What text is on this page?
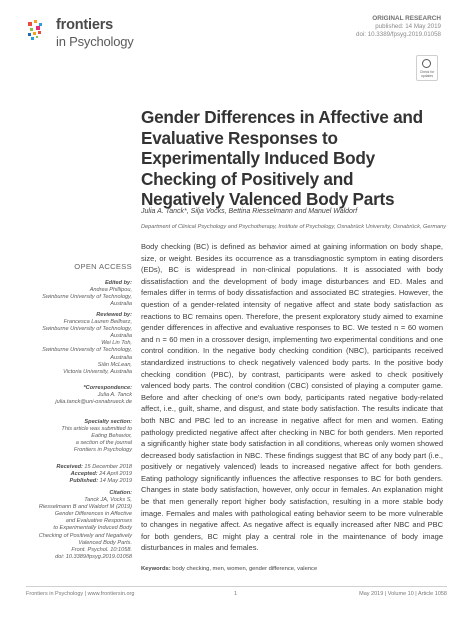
frontiers
in Psychology
ORIGINAL RESEARCH
published: 14 May 2019
doi: 10.3389/fpsyg.2019.01058
Check for
updates
Gender Differences in Affective and
Evaluative Responses to
Experimentally Induced Body
Checking of Positively and
Negatively Valenced Body Parts
Julia A. Tanck*, Silja Vocks, Bettina Riesselmann and Manuel Waldorf
Department of Clinical Psychology and Psychotherapy, Institute of Psychology, Osnabrück University, Osnabrück, Germany
OPEN ACCESS
Edited by:
Andrea Phillipou,
Swinburne University of Technology,
Australia
Reviewed by:
Francesca Lauren Beilharz,
Swinburne University of Technology,
Australia
Wei Lin Toh,
Swinburne University of Technology,
Australia
Siân McLean,
Victoria University, Australia
*Correspondence:
Julia A. Tanck
julia.tanck@uni-osnabrueck.de
Specialty section:
This article was submitted to
Eating Behavior,
a section of the journal
Frontiers in Psychology
Received: 15 December 2018
Accepted: 24 April 2019
Published: 14 May 2019
Citation:
Tanck JA, Vocks S,
Riesselmann B and Waldorf M (2019)
Gender Differences in Affective
and Evaluative Responses
to Experimentally Induced Body
Checking of Positively and Negatively
Valenced Body Parts.
Front. Psychol. 10:1058.
doi: 10.3389/fpsyg.2019.01058

Body checking (BC) is defined as behavior aimed at gaining information on body shape, size, or weight. Besides its occurrence as a transdiagnostic symptom in eating disorders (EDs), BC is widespread in non-clinical populations. It is associated with body dissatisfaction and the development of body image disturbances and ED. Males and females differ in terms of body dissatisfaction and associated BC strategies. However, the question of a gender-related intensity of negative affect and state body satisfaction as reactions to BC remains open. Therefore, the present exploratory study aimed to examine gender differences in affective and evaluative responses to BC. We tested n = 60 women and n = 60 men in a crossover design, implementing two experimental conditions and one control condition. In the negative body checking condition (NBC), participants received standardized instructions to check negatively valenced body parts. In the positive body checking condition (PBC), by contrast, participants were asked to check positively valenced body parts. The control condition (CBC) consisted of playing a computer game. Before and after checking of one's own body, participants rated negative body-related affect, i.e., guilt, shame, and disgust, and state body satisfaction. The results indicate that both NBC and PBC led to an increase in negative affect for men and women. Eating pathology predicted negative affect after checking in NBC for both genders. Men reported a significantly higher state body satisfaction in all conditions, whereas only women showed decreased body satisfaction in NBC. These findings suggest that BC of any body part (i.e., positively or negatively valenced) leads to increased negative affect for both genders. Eating pathology significantly influences the affective responses to BC for both genders. Changes in state body satisfaction, however, only occur in females. An explanation might be that men generally report higher body satisfaction, resulting in a more stable body image. Females and males with pathological eating behavior seem to be more vulnerable to changes in negative affect. As negative affect is equally increased after NBC and PBC for both genders, BC might play a central role in the maintenance of body image disturbances in males and females.

Keywords: body checking, men, women, gender difference, valence
Frontiers in Psychology | www.frontiersin.org	1	May 2019 | Volume 10 | Article 1058
